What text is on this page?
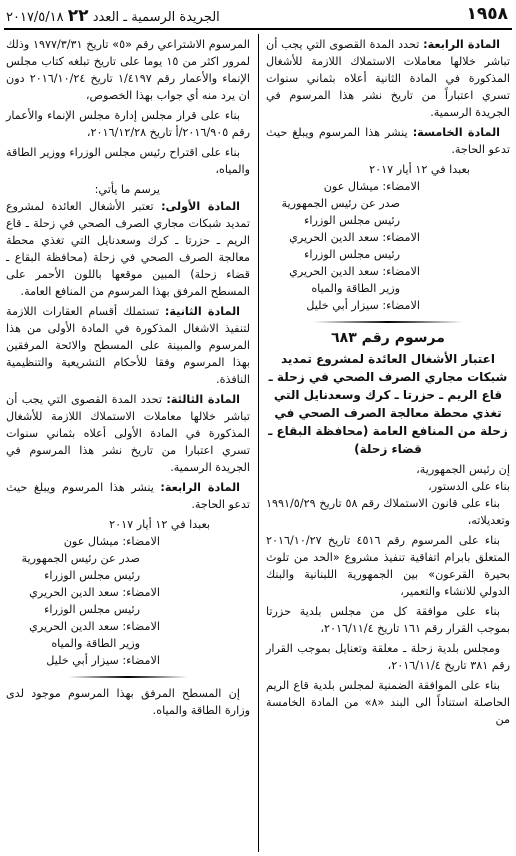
١٩٥٨
الجريدة الرسمية ـ العدد ٢٢ ٢٠١٧/٥/١٨

المادة الرابعة: تحدد المدة القصوى التي يجب أن تباشر خلالها معاملات الاستملاك اللازمة للأشغال المذكورة في المادة الثانية أعلاه بثماني سنوات تسري اعتباراً من تاريخ نشر هذا المرسوم في الجريدة الرسمية.

المادة الخامسة: ينشر هذا المرسوم ويبلغ حيث تدعو الحاجة.

بعبدا في ١٢ أيار ٢٠١٧

الامضاء: ميشال عون

صدر عن رئيس الجمهورية

رئيس مجلس الوزراء

الامضاء: سعد الدين الحريري

رئيس مجلس الوزراء

الامضاء: سعد الدين الحريري

وزير الطاقة والمياه

الامضاء: سيزار أبي خليل

مرسوم رقم ٦٨٣

اعتبار الأشغال العائدة لمشروع تمديد شبكات مجاري الصرف الصحي في زحلة ـ قاع الريم ـ حزرتا ـ كرك وسعدنايل التي تغذي محطة معالجة الصرف الصحي في زحلة من المنافع العامة (محافظة البقاع ـ قضاء زحلة)

إن رئيس الجمهورية،

بناء على الدستور،

بناء على قانون الاستملاك رقم ٥٨ تاريخ ١٩٩١/٥/٢٩ وتعديلاته،

بناء على المرسوم رقم ٤٥١٦ تاريخ ٢٠١٦/١٠/٢٧ المتعلق بابرام اتفاقية تنفيذ مشروع «الحد من تلوث بحيرة القرعون» بين الجمهورية اللبنانية والبنك الدولي للانشاء والتعمير،

بناء على موافقة كل من مجلس بلدية حزرتا بموجب القرار رقم ١٦١ تاريخ ٢٠١٦/١١/٤،

ومجلس بلدية زحلة ـ معلقة وتعنايل بموجب القرار رقم ٣٨١ تاريخ ٢٠١٦/١١/٤،

بناء على الموافقة الضمنية لمجلس بلدية قاع الريم الحاصلة استناداً الى البند «٨» من المادة الخامسة من

المرسوم الاشتراعي رقم «٥» تاريخ ١٩٧٧/٣/٣١ وذلك لمرور اكثر من ١٥ يوما على تاريخ تبلغه كتاب مجلس الإنماء والأعمار رقم ١/٤١٩٧ تاريخ ٢٠١٦/١٠/٢٤ دون ان يرد منه أي جواب بهذا الخصوص،

بناء على قرار مجلس إدارة مجلس الإنماء والأعمار رقم ٢٠١٦/٩٠٥/أ تاريخ ٢٠١٦/١٢/٢٨،

بناء على اقتراح رئيس مجلس الوزراء ووزير الطاقة والمياه،

يرسم ما يأتي:

المادة الأولى: تعتبر الأشغال العائدة لمشروع تمديد شبكات مجاري الصرف الصحي في زحلة ـ قاع الريم ـ حزرتا ـ كرك وسعدنايل التي تغذي محطة معالجة الصرف الصحي في زحلة (محافظة البقاع ـ قضاء زحلة) المبين موقعها باللون الأحمر على المسطح المرفق بهذا المرسوم من المنافع العامة.

المادة الثانية: تستملك أقسام العقارات اللازمة لتنفيذ الاشغال المذكورة في المادة الأولى من هذا المرسوم والمبينة على المسطح والائحة المرفقين بهذا المرسوم وفقا للأحكام التشريعية والتنظيمية النافذة.

المادة الثالثة: تحدد المدة القصوى التي يجب أن تباشر خلالها معاملات الاستملاك اللازمة للأشغال المذكورة في المادة الأولى أعلاه بثماني سنوات تسري اعتبارا من تاريخ نشر هذا المرسوم في الجريدة الرسمية.

المادة الرابعة: ينشر هذا المرسوم ويبلغ حيث تدعو الحاجة.

بعبدا في ١٢ أيار ٢٠١٧

الامضاء: ميشال عون

صدر عن رئيس الجمهورية

رئيس مجلس الوزراء

الامضاء: سعد الدين الحريري

رئيس مجلس الوزراء

الامضاء: سعد الدين الحريري

وزير الطاقة والمياه

الامضاء: سيزار أبي خليل

إن المسطح المرفق بهذا المرسوم موجود لدى وزارة الطاقة والمياه.
